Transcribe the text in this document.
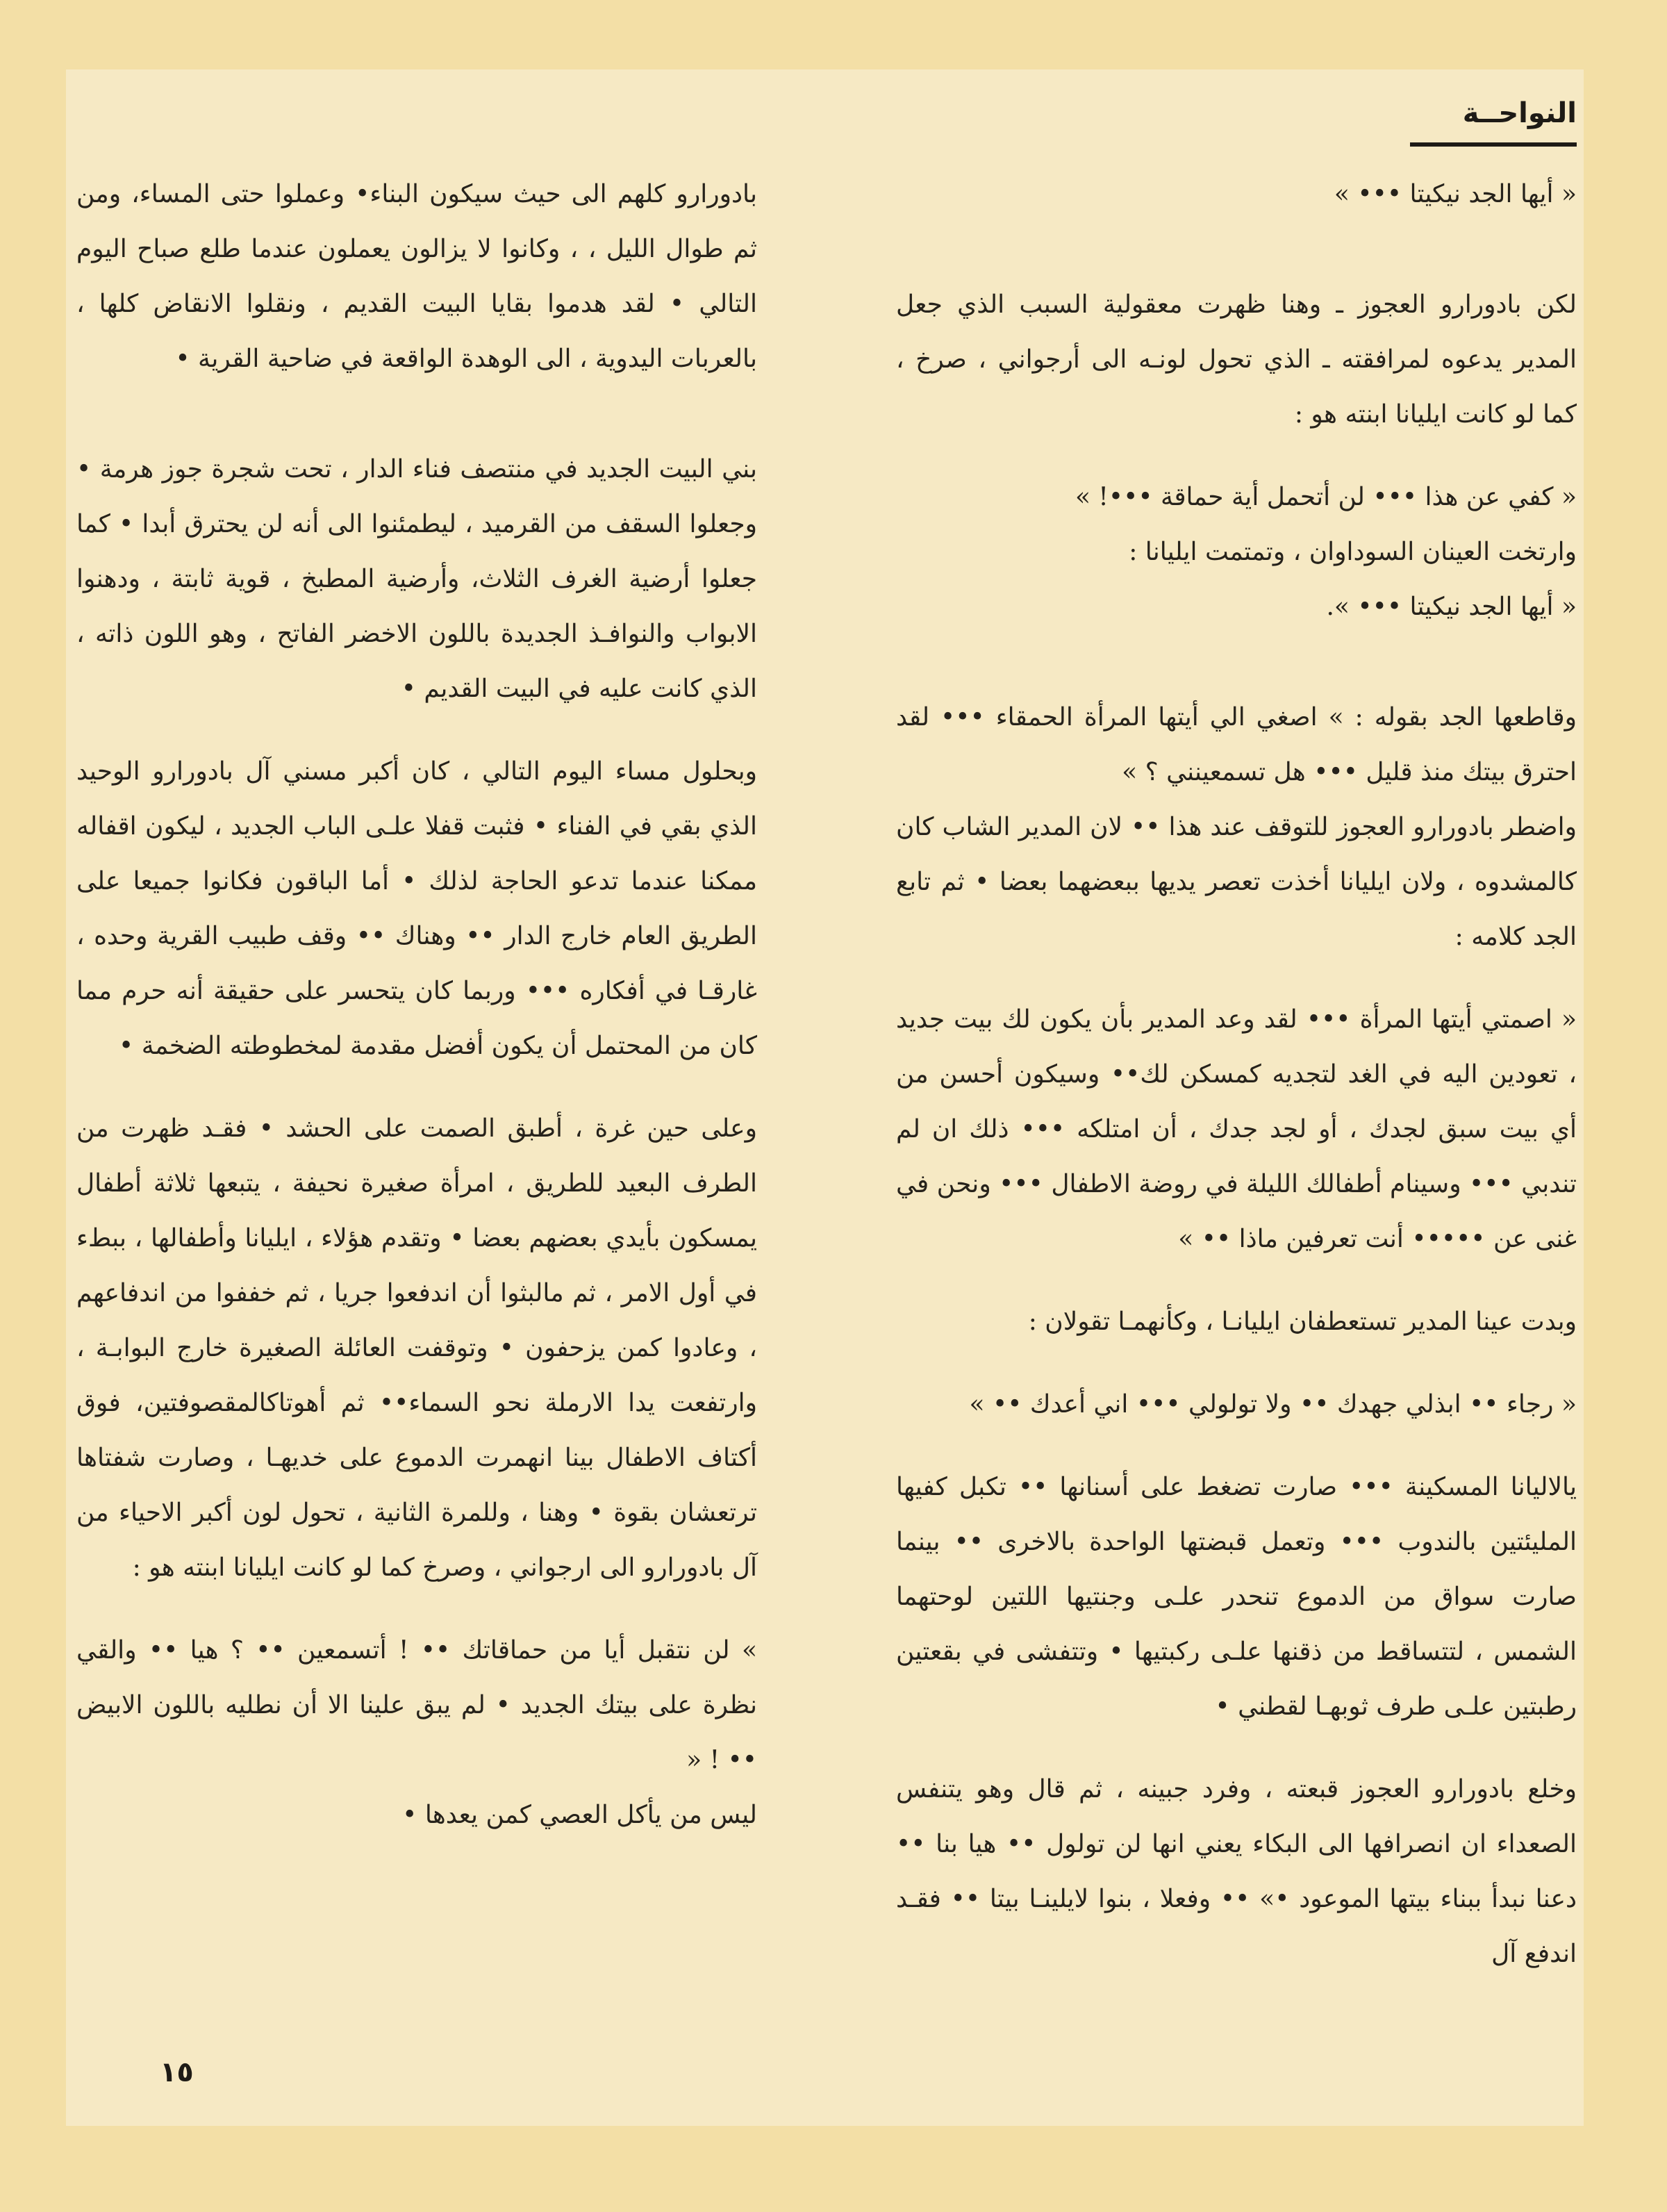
النواحــة

« أيها الجد نيكيتا ••• »

لكن بادورارو العجوز ـ وهنا ظهرت معقولية السبب الذي جعل المدير يدعوه لمرافقته ـ الذي تحول لونـه الى أرجواني ، صرخ ، كما لو كانت ايليانا ابنته هو :

« كفي عن هذا ••• لن أتحمل أية حماقة •••! »

وارتخت العينان السوداوان ، وتمتمت ايليانا :

« أيها الجد نيكيتا ••• ».

وقاطعها الجد بقوله : » اصغي الي أيتها المرأة الحمقاء ••• لقد احترق بيتك منذ قليل ••• هل تسمعينني ؟ »

واضطر بادورارو العجوز للتوقف عند هذا •• لان المدير الشاب كان كالمشدوه ، ولان ايليانا أخذت تعصر يديها ببعضهما بعضا • ثم تابع الجد كلامه :

« اصمتي أيتها المرأة ••• لقد وعد المدير بأن يكون لك بيت جديد ، تعودين اليه في الغد لتجديه كمسكن لك•• وسيكون أحسن من أي بيت سبق لجدك ، أو لجد جدك ، أن امتلكه ••• ذلك ان لم تندبي ••• وسينام أطفالك الليلة في روضة الاطفال ••• ونحن في غنى عن ••••• أنت تعرفين ماذا •• »

وبدت عينا المدير تستعطفان ايليانـا ، وكأنهمـا تقولان :

« رجاء •• ابذلي جهدك •• ولا تولولي ••• اني أعدك •• »

يالاليانا المسكينة ••• صارت تضغط على أسنانها •• تكبل كفيها المليئتين بالندوب ••• وتعمل قبضتها الواحدة بالاخرى •• بينما صارت سواق من الدموع تنحدر علـى وجنتيها اللتين لوحتهما الشمس ، لتتساقط من ذقنها علـى ركبتيها • وتتفشى في بقعتين رطبتين علـى طرف ثوبهـا لقطني •

وخلع بادورارو العجوز قبعته ، وفرد جبينه ، ثم قال وهو يتنفس الصعداء ان انصرافها الى البكاء يعني انها لن تولول •• هيا بنا •• دعنا نبدأ ببناء بيتها الموعود •» •• وفعلا ، بنوا لايلينـا بيتا •• فقـد اندفع آل

بادورارو كلهم الى حيث سيكون البناء• وعملوا حتى المساء، ومن ثم طوال الليل ، ، وكانوا لا يزالون يعملون عندما طلع صباح اليوم التالي • لقد هدموا بقايا البيت القديم ، ونقلوا الانقاض كلها ، بالعربات اليدوية ، الى الوهدة الواقعة في ضاحية القرية •

بني البيت الجديد في منتصف فناء الدار ، تحت شجرة جوز هرمة • وجعلوا السقف من القرميد ، ليطمئنوا الى أنه لن يحترق أبدا • كما جعلوا أرضية الغرف الثلاث، وأرضية المطبخ ، قوية ثابتة ، ودهنوا الابواب والنوافـذ الجديدة باللون الاخضر الفاتح ، وهو اللون ذاته ، الذي كانت عليه في البيت القديم •

وبحلول مساء اليوم التالي ، كان أكبر مسني آل بادورارو الوحيد الذي بقي في الفناء • فثبت قفلا علـى الباب الجديد ، ليكون اقفاله ممكنا عندما تدعو الحاجة لذلك • أما الباقون فكانوا جميعا على الطريق العام خارج الدار •• وهناك •• وقف طبيب القرية وحده ، غارقـا في أفكاره ••• وربما كان يتحسر على حقيقة أنه حرم مما كان من المحتمل أن يكون أفضل مقدمة لمخطوطته الضخمة •

وعلى حين غرة ، أطبق الصمت على الحشد • فقـد ظهرت من الطرف البعيد للطريق ، امرأة صغيرة نحيفة ، يتبعها ثلاثة أطفال يمسكون بأيدي بعضهم بعضا • وتقدم هؤلاء ، ايليانا وأطفالها ، ببطء في أول الامر ، ثم مالبثوا أن اندفعوا جريا ، ثم خففوا من اندفاعهم ، وعادوا كمن يزحفون • وتوقفت العائلة الصغيرة خارج البوابـة ، وارتفعت يدا الارملة نحو السماء•• ثم أهوتاكالمقصوفتين، فوق أكتاف الاطفال بينا انهمرت الدموع على خديهـا ، وصارت شفتاها ترتعشان بقوة • وهنا ، وللمرة الثانية ، تحول لون أكبر الاحياء من آل بادورارو الى ارجواني ، وصرخ كما لو كانت ايليانا ابنته هو :

» لن نتقبل أيا من حماقاتك •• ! أتسمعين •• ؟ هيا •• والقي نظرة على بيتك الجديد • لم يبق علينا الا أن نطليه باللون الابيض •• ! «

ليس من يأكل العصي كمن يعدها •

١٥
